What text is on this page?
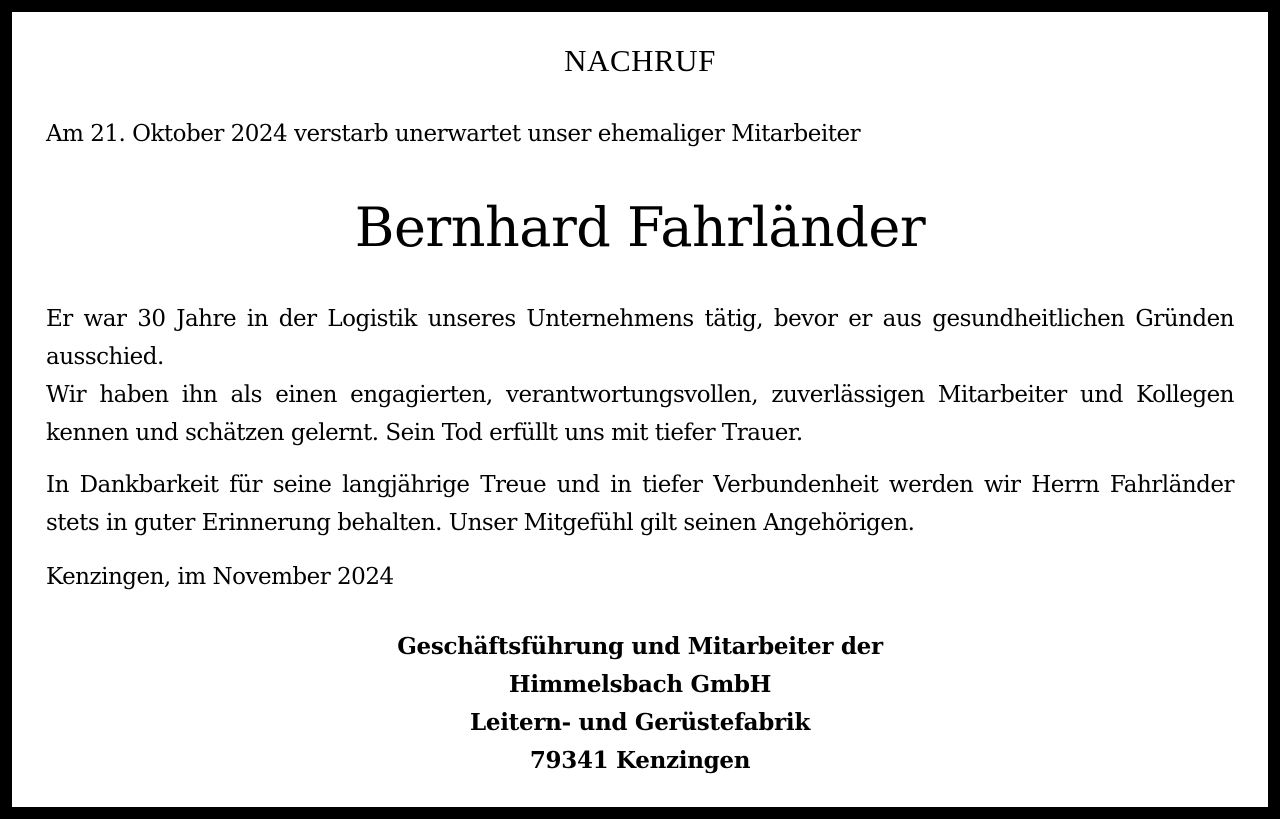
NACHRUF
Am 21. Oktober 2024 verstarb unerwartet unser ehemaliger Mitarbeiter
Bernhard Fahrländer
Er war 30 Jahre in der Logistik unseres Unternehmens tätig, bevor er aus gesundheitlichen Gründen ausschied.
Wir haben ihn als einen engagierten, verantwortungsvollen, zuverlässigen Mitarbeiter und Kollegen kennen und schätzen gelernt. Sein Tod erfüllt uns mit tiefer Trauer.
In Dankbarkeit für seine langjährige Treue und in tiefer Verbundenheit werden wir Herrn Fahrländer stets in guter Erinnerung behalten. Unser Mitgefühl gilt seinen Angehörigen.
Kenzingen, im November 2024
Geschäftsführung und Mitarbeiter der
Himmelsbach GmbH
Leitern- und Gerüstefabrik
79341 Kenzingen
